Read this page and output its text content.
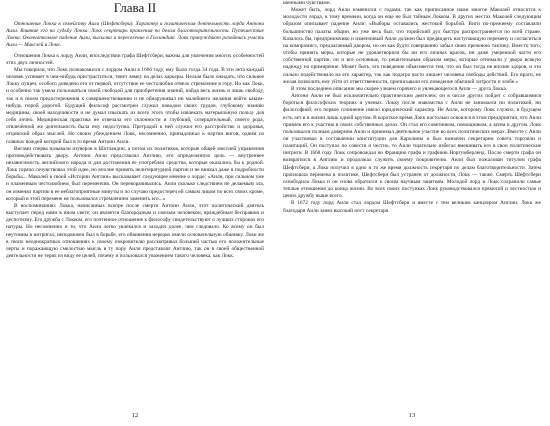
Глава II

Отношение Локка к семейству Аили (Шефтсбери). Характер и политическая деятельность лорда Антони Аили. Влияние его на судьбу Локка. Локк секретарь правления по делам благотворительности. Путешествие Локка. Окончательное падение Аили, высылка и переселение в Голландию. Локк принуждают разойтись участь Аили — Макслей и Локк.

Отношения Локка к лорду Аили, впоследствии графа Шефтсбери, важны для увлечения многих особенностей этих двух личностей.

Мы говорили, что Локк познакомился с лордом Аили в 1666 году, ему было тогда 34 года. В эти лета каждый человек успевает в чем-нибудь пристраститься, тянет лямку на делах карьеры. Нельзя было ожидать, что сильнее Локку пущен, особого доведено его от первой, отсутствие ее честолюбия отвело стремление в гору. Но как Локк, и особенно так умела пользоваться своей свободой для приобретения знаний, найдя весь жизнь и лишь свободу, так и в своем предостережения к совершенствованию и не обнаруживал ни малейшего желания войти каким-нибудь порой дорогой. Будущий философ рассмотрен служил поводом своих трудов, глубокому знанию медицины, своей находчивости и не думал изыскать из всего этого чтобы извлекать матерьяльную пользу для себя лично. Медицинская практика не отвечала его склонности и глубокий, созерцательный, своего рода, отвлечённой же деятельность была ему недоступна. Преградой к ней служил его расстройство и здоровья, отцовский образ мыслей. Но своим убеждением Локк, несомненно, принадлежал к партии вигов, одним из главных вождей которой был в то время Антони Аили.

Вигами сперва называли изуверов в Шотландии, а потом их политиков, которые общей миссией управления противодействовать двору. Антони Аили представлял Англию, его определенную цель — внутреннее независимость английского народа и для достижения ее употреблял средства, которые оказались бы к родной. Локк горячо сочувствовал этой идее, но вполне принять нелитературной партии и не вникал даже в подробности борьбы... Маколей в своей «Истории Англии» высказывает следующее мнение о лорде: «Аили, при сильном уме и пламенным честолюбием, был переменчив. Он переворачивались. Аили сколько следствием не делаемым зла, он изменял партию в ее неблагоприятные минуты и по случаю предостереч ей самым лицом по всех своих кроме, который в этой перемене не пользовался стремлением заменить его...»

В воспоминаниях Локка, написанных вскоре после смерти Антони Аили, этот политический деятель выступает перед нами в ином свете; он является благородным и смелым человеком, враждебным бесправию и деспотизму. Его дружба с Локком, его почтенное отношение к философу свидетельствуют о лучших сторонах его натуры. Но несомненно и то, что Аили легко увлекался и заходил далее, чем следовало. Ко всему он был неутомим в интригах, неподвижен был в борьбе, его обвинения нередко имели основательную обшивку. Локк же в своих неоднократных отношениях к своему покровителю рассматривал большей частью его положительные черты и поражающую смелостью мысль в ту пору Аили представлял Англию, так он в своей общественной деятельности не терял из виду ее целей, почему и пользовался уважением такого человека, как Локк.

12

шенными чувствами.

Может быть, лорд Аили изменился с годами, так как приписанное нами многое Маколей относится к молодости лорда, к тому времени, когда он еще не был тайным Локком. В других местах Маколей следующим образом описывает падение Аили: «Выборы оставались жестокой борьбой. Виги по-прежнему составляли большинство палаты общин, но уже весь был, что торийский дух быстро распространяется по всей стране. Казалось бы, предприимчиво и изменчивый Аили должен был предвидеть наступающую перемену и согласиться на компромисс, предлагаемый двором, но он как будто совершенно забыл свою прежнюю тактику. Вместо того, чтобы принять меры, которые не удовлетворяли бы ни его личных врагов, ни даже умеренной части его собственной партии, он и все основные, то решительным образом меры, которые отнимали у двора всякую надежду на примирение. Может быть, его поведение объясняется тем, что он был тогда не вполне здоров, и это сильно подействовало на его характер, так как подагра часто лишает человека свободы действий. Его враги, не желая позволить ему уйти от ответственности, приписывали его поведение обычной хитрости и злобе.»

В этом последнем описании мы скорее узнаем горячего и увлекающегося Аили — друга Локка.

Антони Аили не был исключительно практическим деятелем; он в числе других пойдет с собравшимися бороться философских теориях и ученых. Локку после знакомства с Аили не занимался ни политикой, ни философией; его первое сочинение имело юридический характер. Не Аили, которому Локк служил, в будущем есть лет и в жизни лишь одной кругом. В короткое время Локк настолько освоился в этом предприятии, что Аили привлек его к участию в своих собственных делах. Он стал его советником, помощником, а затем и другом. Локк пользовался полным доверием Аили и принимал деятельное участие во всех политических мерах. Вместе с Аили он участвовал в составлении конституции для Каролины и был назначен секретарем совета торговли и плантаций. Он поступал по совести и честно, то Аили тщательно избегал вмешивать его в свои политические интриги. В 1668 году Локк сопровождал во Францию графа и графиню Нортумберленд. После смерти графа он возвратился в Англию и продолжал служить своему покровителю. Аили был пожалован титулом графа Шефтсбери, а Локк получил в одно и то же время должность секретаря по делам благотворительности. Затем произошла перемена в политике, Шефтсбери был устранен от должности, Локк — также. Смерть Шефтсбери освободила Локка и он снова обратился к своим научным занятиям. Молодой лорд и Локк сохранили самые теплые отношения до конца жизни. Во всех своих поступках Локк руководствовался прямотой и честностью и ценил дружбу выше всего.

В 1672 году лорд Аили стал лордом Шефтсбери и вместе с тем великим канцлером Англии. Локк же благодаря Аили занял высокий пост секретаря

13
